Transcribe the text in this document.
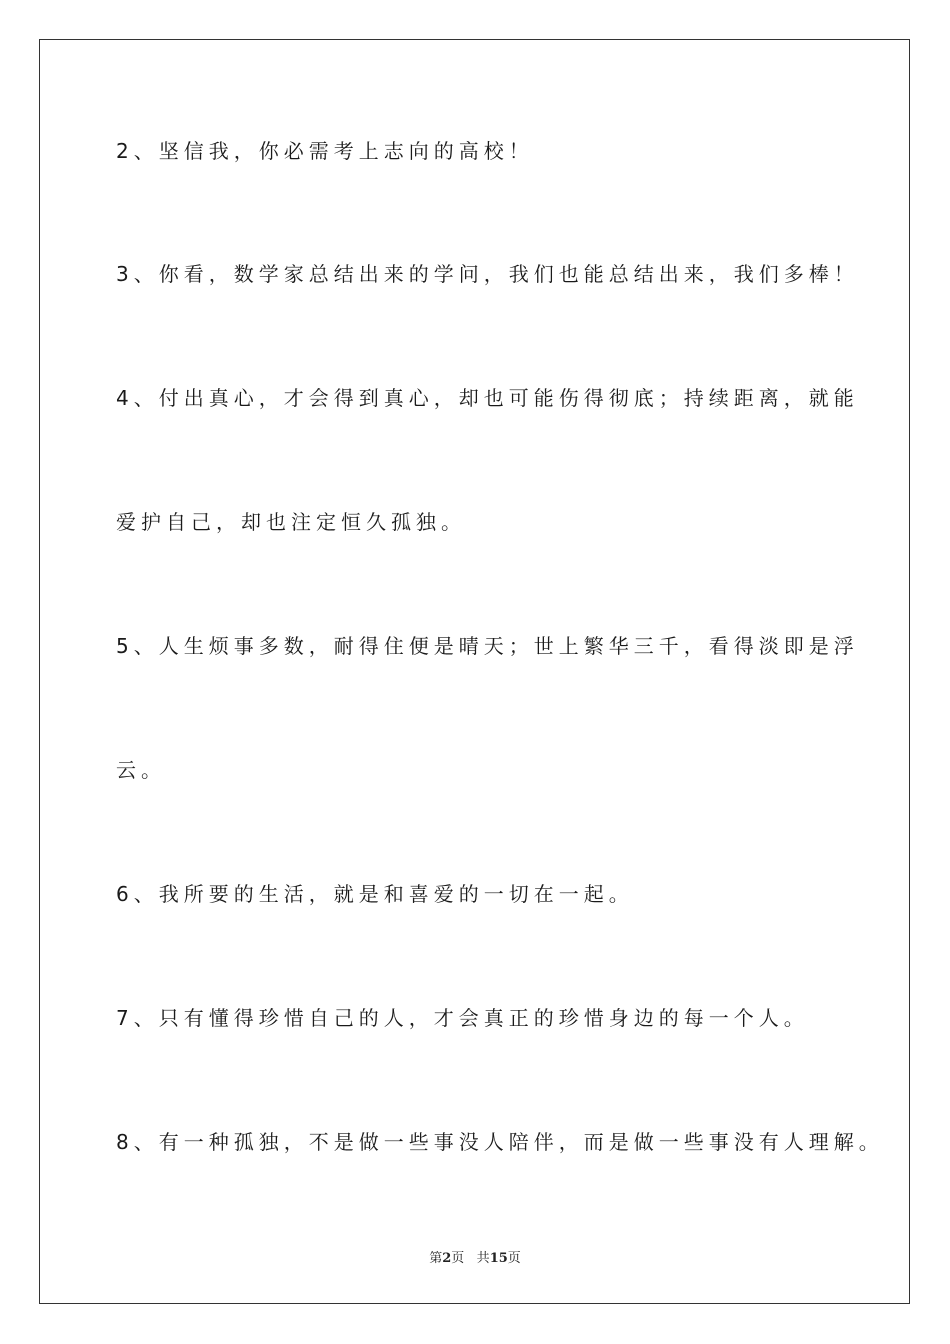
2、坚信我，你必需考上志向的高校！
3、你看，数学家总结出来的学问，我们也能总结出来，我们多棒！
4、付出真心，才会得到真心，却也可能伤得彻底；持续距离，就能
爱护自己，却也注定恒久孤独。
5、人生烦事多数，耐得住便是晴天；世上繁华三千，看得淡即是浮
云。
6、我所要的生活，就是和喜爱的一切在一起。
7、只有懂得珍惜自己的人，才会真正的珍惜身边的每一个人。
8、有一种孤独，不是做一些事没人陪伴，而是做一些事没有人理解。
第2页 共15页
